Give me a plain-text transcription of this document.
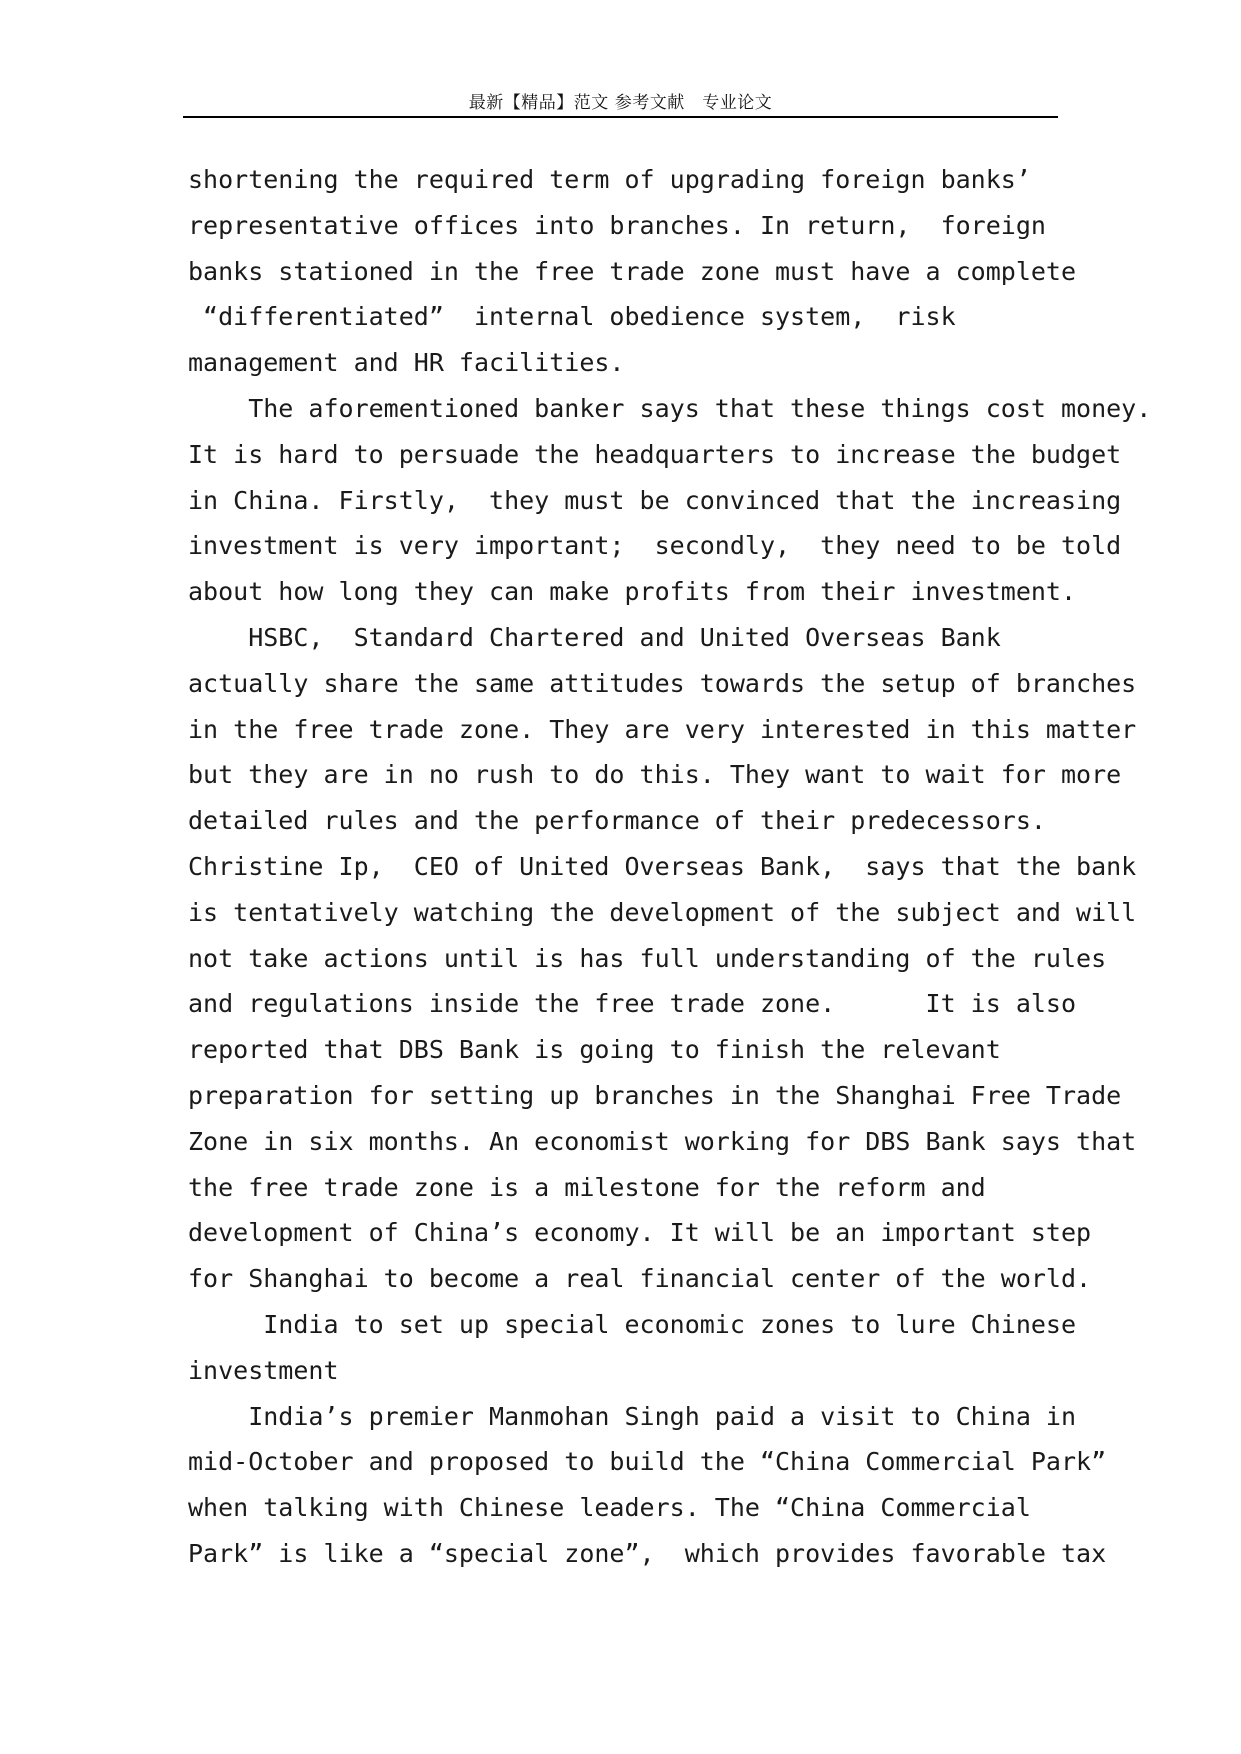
最新【精品】范文 参考文献　专业论文
shortening the required term of upgrading foreign banks’
representative offices into branches. In return,  foreign
banks stationed in the free trade zone must have a complete
“differentiated”  internal obedience system,  risk
management and HR facilities.
The aforementioned banker says that these things cost money.
It is hard to persuade the headquarters to increase the budget
in China. Firstly,  they must be convinced that the increasing
investment is very important;  secondly,  they need to be told
about how long they can make profits from their investment.
HSBC,  Standard Chartered and United Overseas Bank
actually share the same attitudes towards the setup of branches
in the free trade zone. They are very interested in this matter
but they are in no rush to do this. They want to wait for more
detailed rules and the performance of their predecessors.
Christine Ip,  CEO of United Overseas Bank,  says that the bank
is tentatively watching the development of the subject and will
not take actions until is has full understanding of the rules
and regulations inside the free trade zone.      It is also
reported that DBS Bank is going to finish the relevant
preparation for setting up branches in the Shanghai Free Trade
Zone in six months. An economist working for DBS Bank says that
the free trade zone is a milestone for the reform and
development of China’s economy. It will be an important step
for Shanghai to become a real financial center of the world.
India to set up special economic zones to lure Chinese
investment
India’s premier Manmohan Singh paid a visit to China in
mid-October and proposed to build the “China Commercial Park”
when talking with Chinese leaders. The “China Commercial
Park” is like a “special zone”,  which provides favorable tax
